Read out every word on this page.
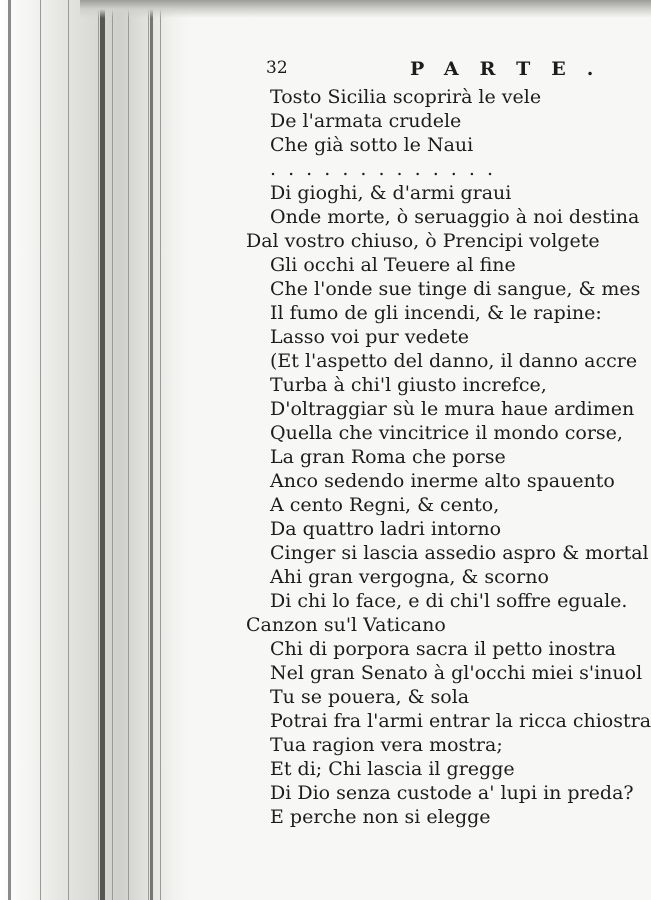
32	PARTE.
Tosto Sicilia scoprirà le vele
De l'armata crudele
Che già sotto le Naui
. . . . . . . . . . . . .
Di gioghi, & d'armi graui
Onde morte, ò seruaggio à noi destina
Dal vostro chiuso, ò Prencipi volgete
Gli occhi al Teuere al fine
Che l'onde sue tinge di sangue, & mes
Il fumo de gli incendi, & le rapine:
Lasso voi pur vedete
(Et l'aspetto del danno, il danno accre
Turba à chi'l giusto increfce,
D'oltraggiar sù le mura haue ardimen
Quella che vincitrice il mondo corse,
La gran Roma che porse
Anco sedendo inerme alto spauento
A cento Regni, & cento,
Da quattro ladri intorno
Cinger si lascia assedio aspro & mortal
Ahi gran vergogna, & scorno
Di chi lo face, e di chi'l soffre eguale.
Canzon su'l Vaticano
Chi di porpora sacra il petto inostra
Nel gran Senato à gl'occhi miei s'inuol
Tu se pouera, & sola
Potrai fra l'armi entrar la ricca chiostra
Tua ragion vera mostra;
Et di; Chi lascia il gregge
Di Dio senza custode a' lupi in preda?
E perche non si elegge
